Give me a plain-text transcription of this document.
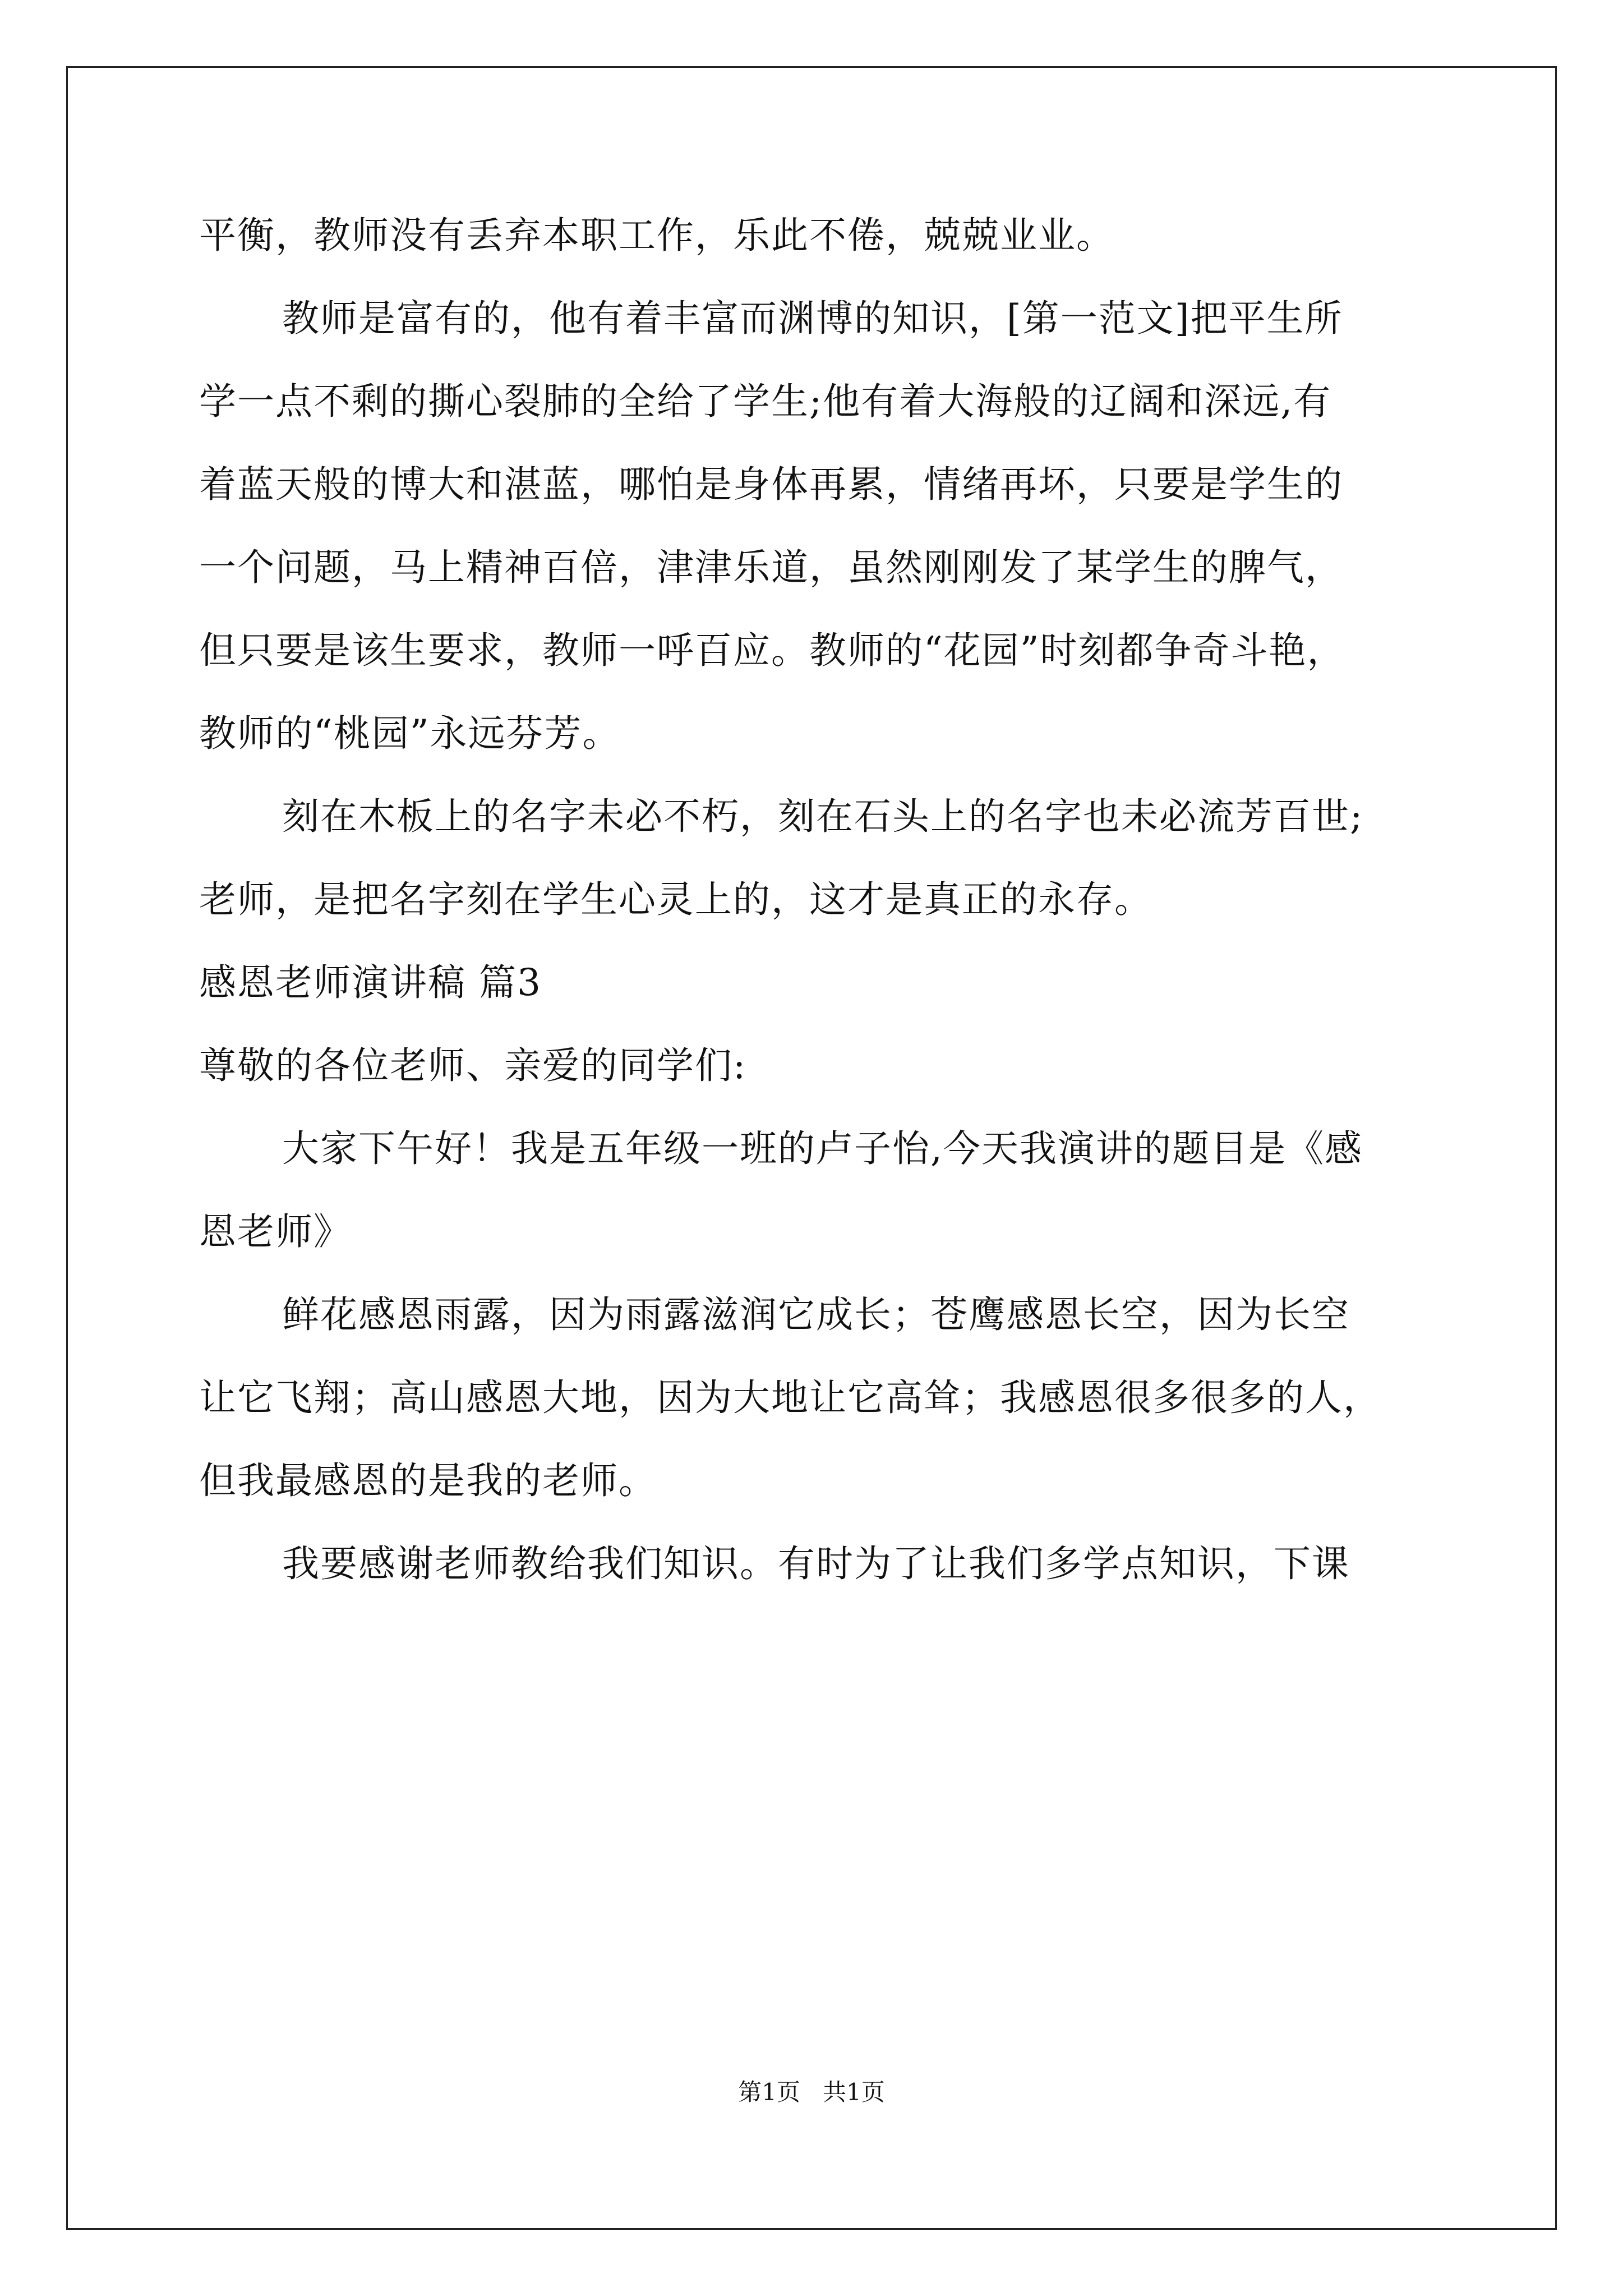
平衡，教师没有丢弃本职工作，乐此不倦，兢兢业业。
教师是富有的，他有着丰富而渊博的知识，[第一范文]把平生所
学一点不剩的撕心裂肺的全给了学生;他有着大海般的辽阔和深远,有
着蓝天般的博大和湛蓝，哪怕是身体再累，情绪再坏，只要是学生的
一个问题，马上精神百倍，津津乐道，虽然刚刚发了某学生的脾气，
但只要是该生要求，教师一呼百应。教师的“花园”时刻都争奇斗艳，
教师的“桃园”永远芬芳。
刻在木板上的名字未必不朽，刻在石头上的名字也未必流芳百世;
老师，是把名字刻在学生心灵上的，这才是真正的永存。
感恩老师演讲稿 篇3
尊敬的各位老师、亲爱的同学们:
大家下午好！我是五年级一班的卢子怡,今天我演讲的题目是《感
恩老师》
鲜花感恩雨露，因为雨露滋润它成长；苍鹰感恩长空，因为长空
让它飞翔；高山感恩大地，因为大地让它高耸；我感恩很多很多的人，
但我最感恩的是我的老师。
我要感谢老师教给我们知识。有时为了让我们多学点知识，下课
第1页   共1页
